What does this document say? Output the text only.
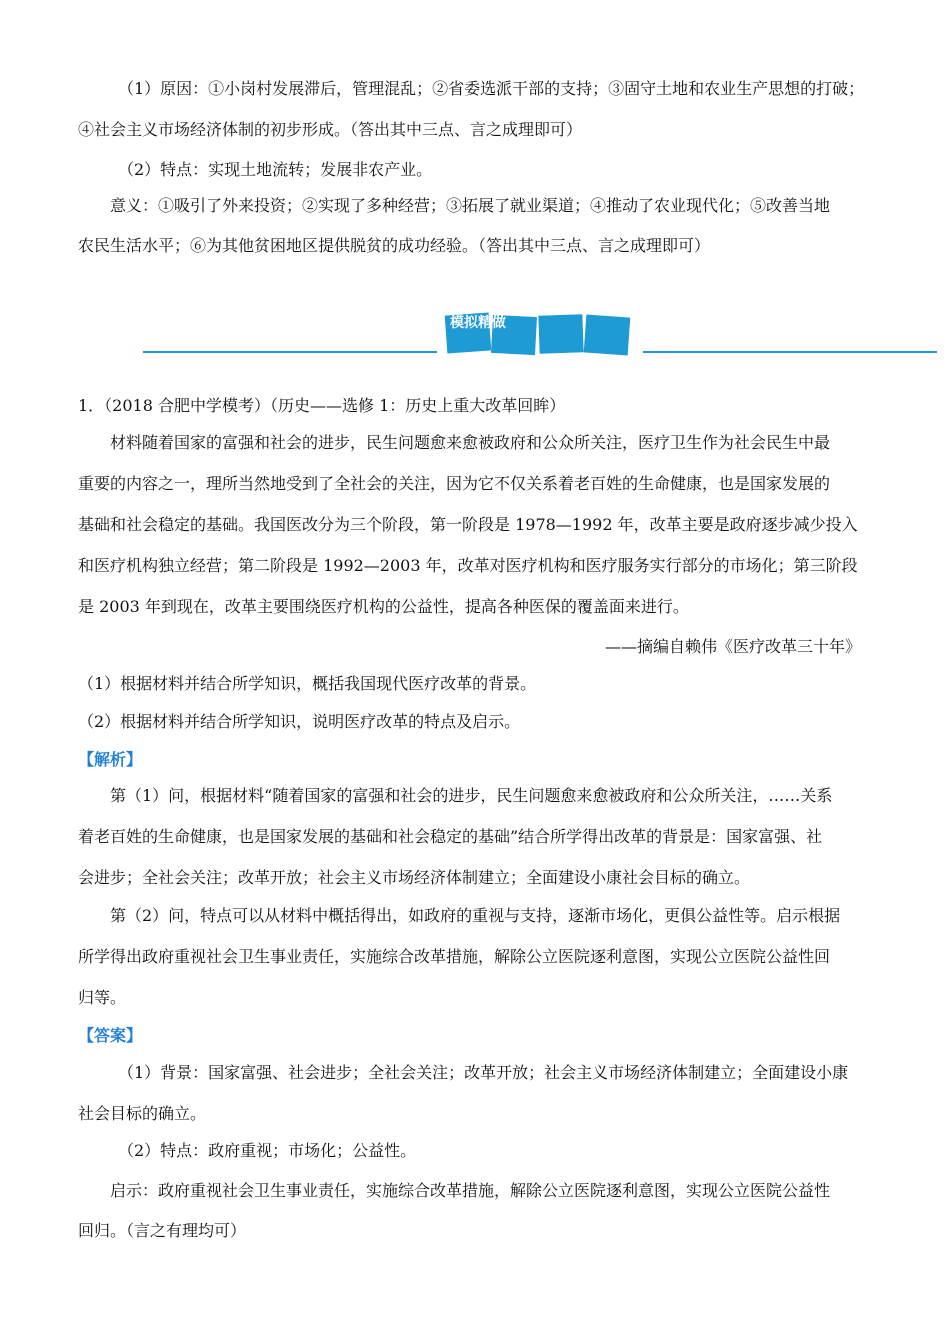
（1）原因：①小岗村发展滞后，管理混乱；②省委选派干部的支持；③固守土地和农业生产思想的打破；
④社会主义市场经济体制的初步形成。（答出其中三点、言之成理即可）
（2）特点：实现土地流转；发展非农产业。
意义：①吸引了外来投资；②实现了多种经营；③拓展了就业渠道；④推动了农业现代化；⑤改善当地
农民生活水平；⑥为其他贫困地区提供脱贫的成功经验。（答出其中三点、言之成理即可）
模拟精做
1．（2018 合肥中学模考）（历史——选修 1：历史上重大改革回眸）
材料随着国家的富强和社会的进步，民生问题愈来愈被政府和公众所关注，医疗卫生作为社会民生中最
重要的内容之一，理所当然地受到了全社会的关注，因为它不仅关系着老百姓的生命健康，也是国家发展的
基础和社会稳定的基础。我国医改分为三个阶段，第一阶段是 1978—1992 年，改革主要是政府逐步减少投入
和医疗机构独立经营；第二阶段是 1992—2003 年，改革对医疗机构和医疗服务实行部分的市场化；第三阶段
是 2003 年到现在，改革主要围绕医疗机构的公益性，提高各种医保的覆盖面来进行。
——摘编自赖伟《医疗改革三十年》
（1）根据材料并结合所学知识，概括我国现代医疗改革的背景。
（2）根据材料并结合所学知识，说明医疗改革的特点及启示。
【解析】
第（1）问，根据材料“随着国家的富强和社会的进步，民生问题愈来愈被政府和公众所关注，……关系
着老百姓的生命健康，也是国家发展的基础和社会稳定的基础”结合所学得出改革的背景是：国家富强、社
会进步；全社会关注；改革开放；社会主义市场经济体制建立；全面建设小康社会目标的确立。
第（2）问，特点可以从材料中概括得出，如政府的重视与支持，逐渐市场化，更俱公益性等。启示根据
所学得出政府重视社会卫生事业责任，实施综合改革措施，解除公立医院逐利意图，实现公立医院公益性回
归等。
【答案】
（1）背景：国家富强、社会进步；全社会关注；改革开放；社会主义市场经济体制建立；全面建设小康
社会目标的确立。
（2）特点：政府重视；市场化；公益性。
启示：政府重视社会卫生事业责任，实施综合改革措施，解除公立医院逐利意图，实现公立医院公益性
回归。（言之有理均可）
